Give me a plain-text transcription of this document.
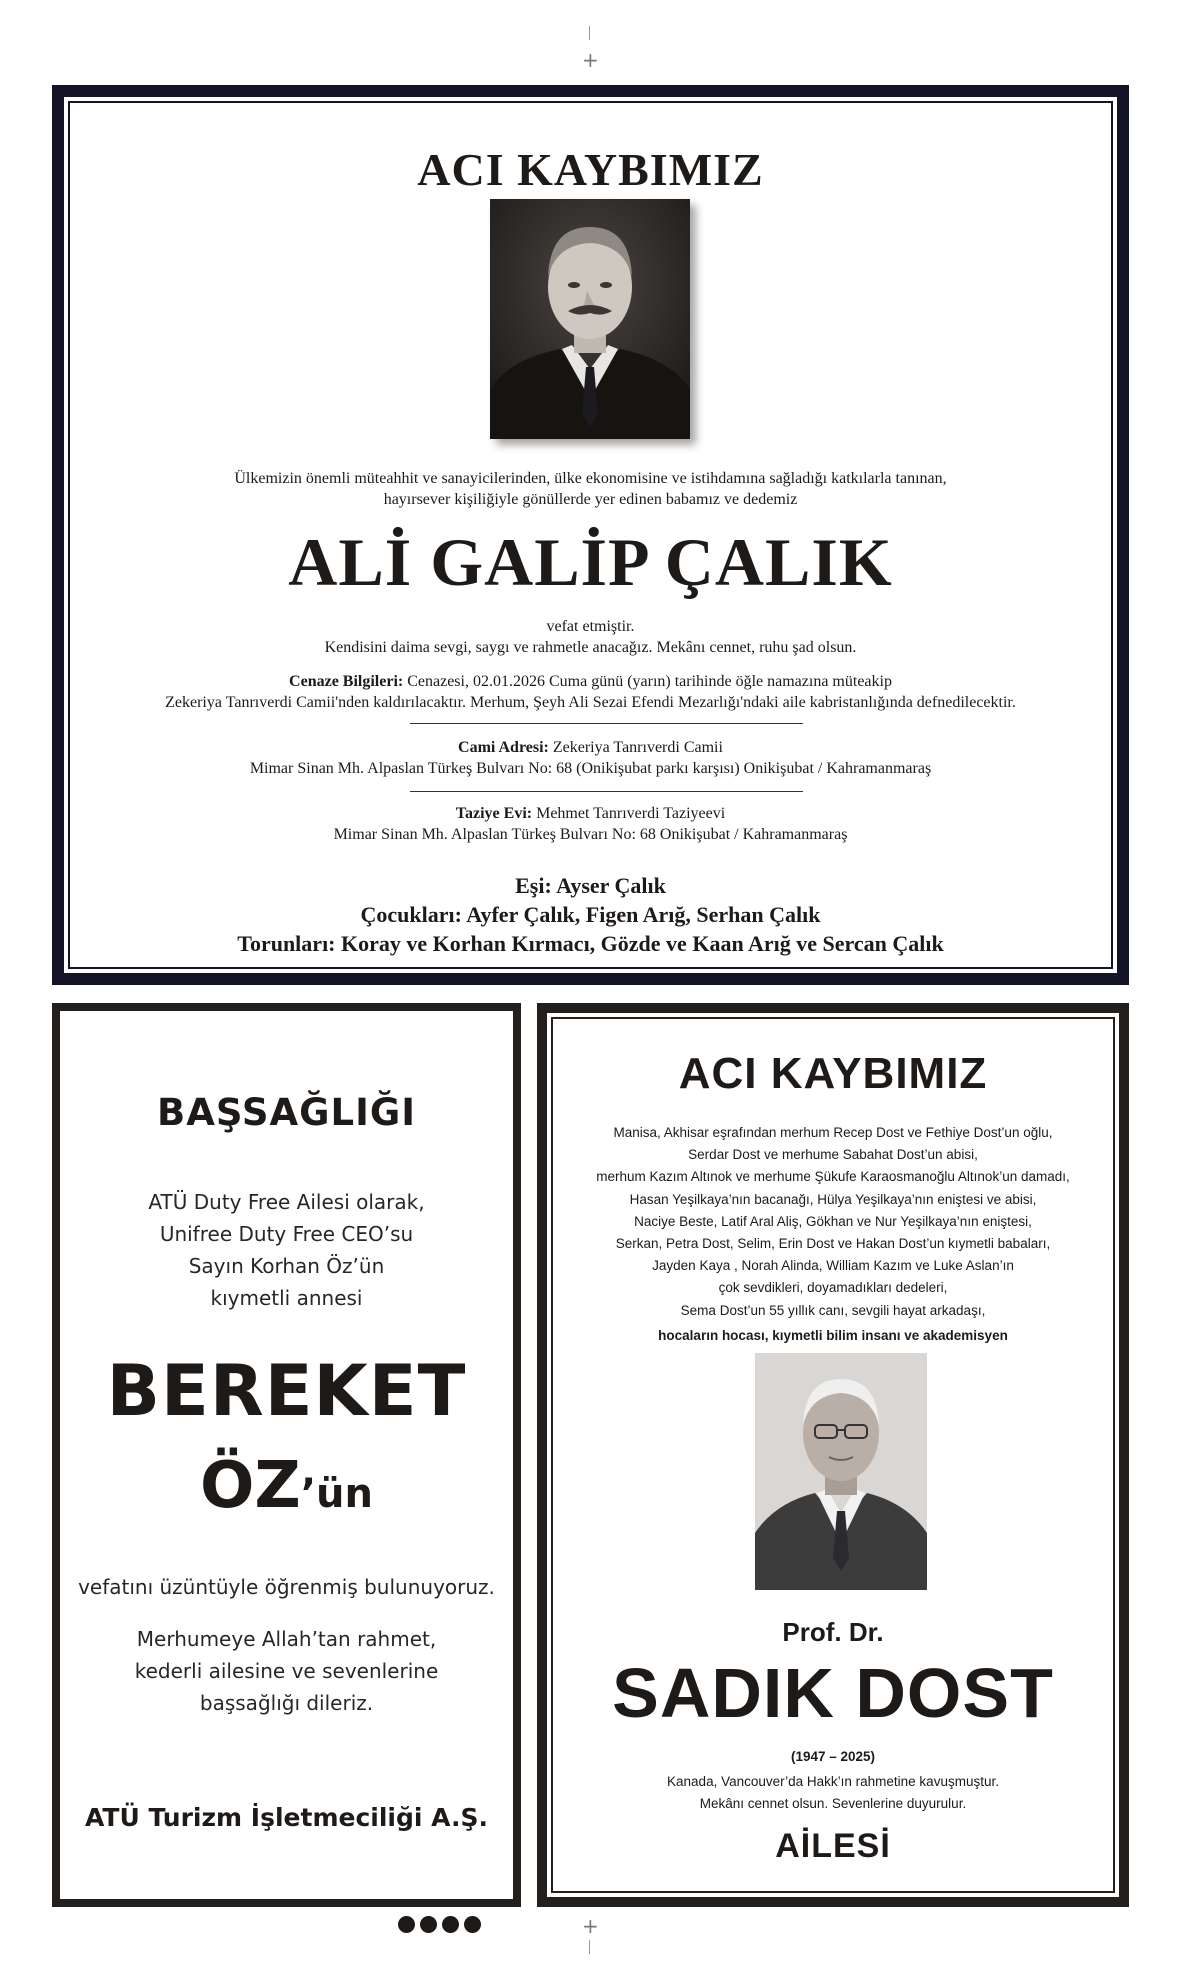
+
+
ACI KAYBIMIZ
Ülkemizin önemli müteahhit ve sanayicilerinden, ülke ekonomisine ve istihdamına sağladığı katkılarla tanınan,
hayırsever kişiliğiyle gönüllerde yer edinen babamız ve dedemiz
ALİ GALİP ÇALIK
vefat etmiştir.
Kendisini daima sevgi, saygı ve rahmetle anacağız. Mekânı cennet, ruhu şad olsun.
Cenaze Bilgileri: Cenazesi, 02.01.2026 Cuma günü (yarın) tarihinde öğle namazına müteakip
Zekeriya Tanrıverdi Camii'nden kaldırılacaktır. Merhum, Şeyh Ali Sezai Efendi Mezarlığı'ndaki aile kabristanlığında defnedilecektir.
Cami Adresi: Zekeriya Tanrıverdi Camii
Mimar Sinan Mh. Alpaslan Türkeş Bulvarı No: 68 (Onikişubat parkı karşısı) Onikişubat / Kahramanmaraş
Taziye Evi: Mehmet Tanrıverdi Taziyeevi
Mimar Sinan Mh. Alpaslan Türkeş Bulvarı No: 68 Onikişubat / Kahramanmaraş
Eşi: Ayser Çalık
Çocukları: Ayfer Çalık, Figen Arığ, Serhan Çalık
Torunları: Koray ve Korhan Kırmacı, Gözde ve Kaan Arığ ve Sercan Çalık
BAŞSAĞLIĞI
ATÜ Duty Free Ailesi olarak,
Unifree Duty Free CEO’su
Sayın Korhan Öz’ün
kıymetli annesi
BEREKET
ÖZ’ün
vefatını üzüntüyle öğrenmiş bulunuyoruz.
Merhumeye Allah’tan rahmet,
kederli ailesine ve sevenlerine
başsağlığı dileriz.
ATÜ Turizm İşletmeciliği A.Ş.
ACI KAYBIMIZ
Manisa, Akhisar eşrafından merhum Recep Dost ve Fethiye Dost’un oğlu,
Serdar Dost ve merhume Sabahat Dost’un abisi,
merhum Kazım Altınok ve merhume Şükufe Karaosmanoğlu Altınok’un damadı,
Hasan Yeşilkaya’nın bacanağı, Hülya Yeşilkaya’nın eniştesi ve abisi,
Naciye Beste, Latif Aral Aliş, Gökhan ve Nur Yeşilkaya’nın eniştesi,
Serkan, Petra Dost, Selim, Erin Dost ve Hakan Dost’un kıymetli babaları,
Jayden Kaya , Norah Alinda, William Kazım ve Luke Aslan’ın
çok sevdikleri, doyamadıkları dedeleri,
Sema Dost’un 55 yıllık canı, sevgili hayat arkadaşı,
hocaların hocası, kıymetli bilim insanı ve akademisyen
Prof. Dr.
SADIK DOST
(1947 – 2025)
Kanada, Vancouver’da Hakk’ın rahmetine kavuşmuştur.
Mekânı cennet olsun. Sevenlerine duyurulur.
AİLESİ
